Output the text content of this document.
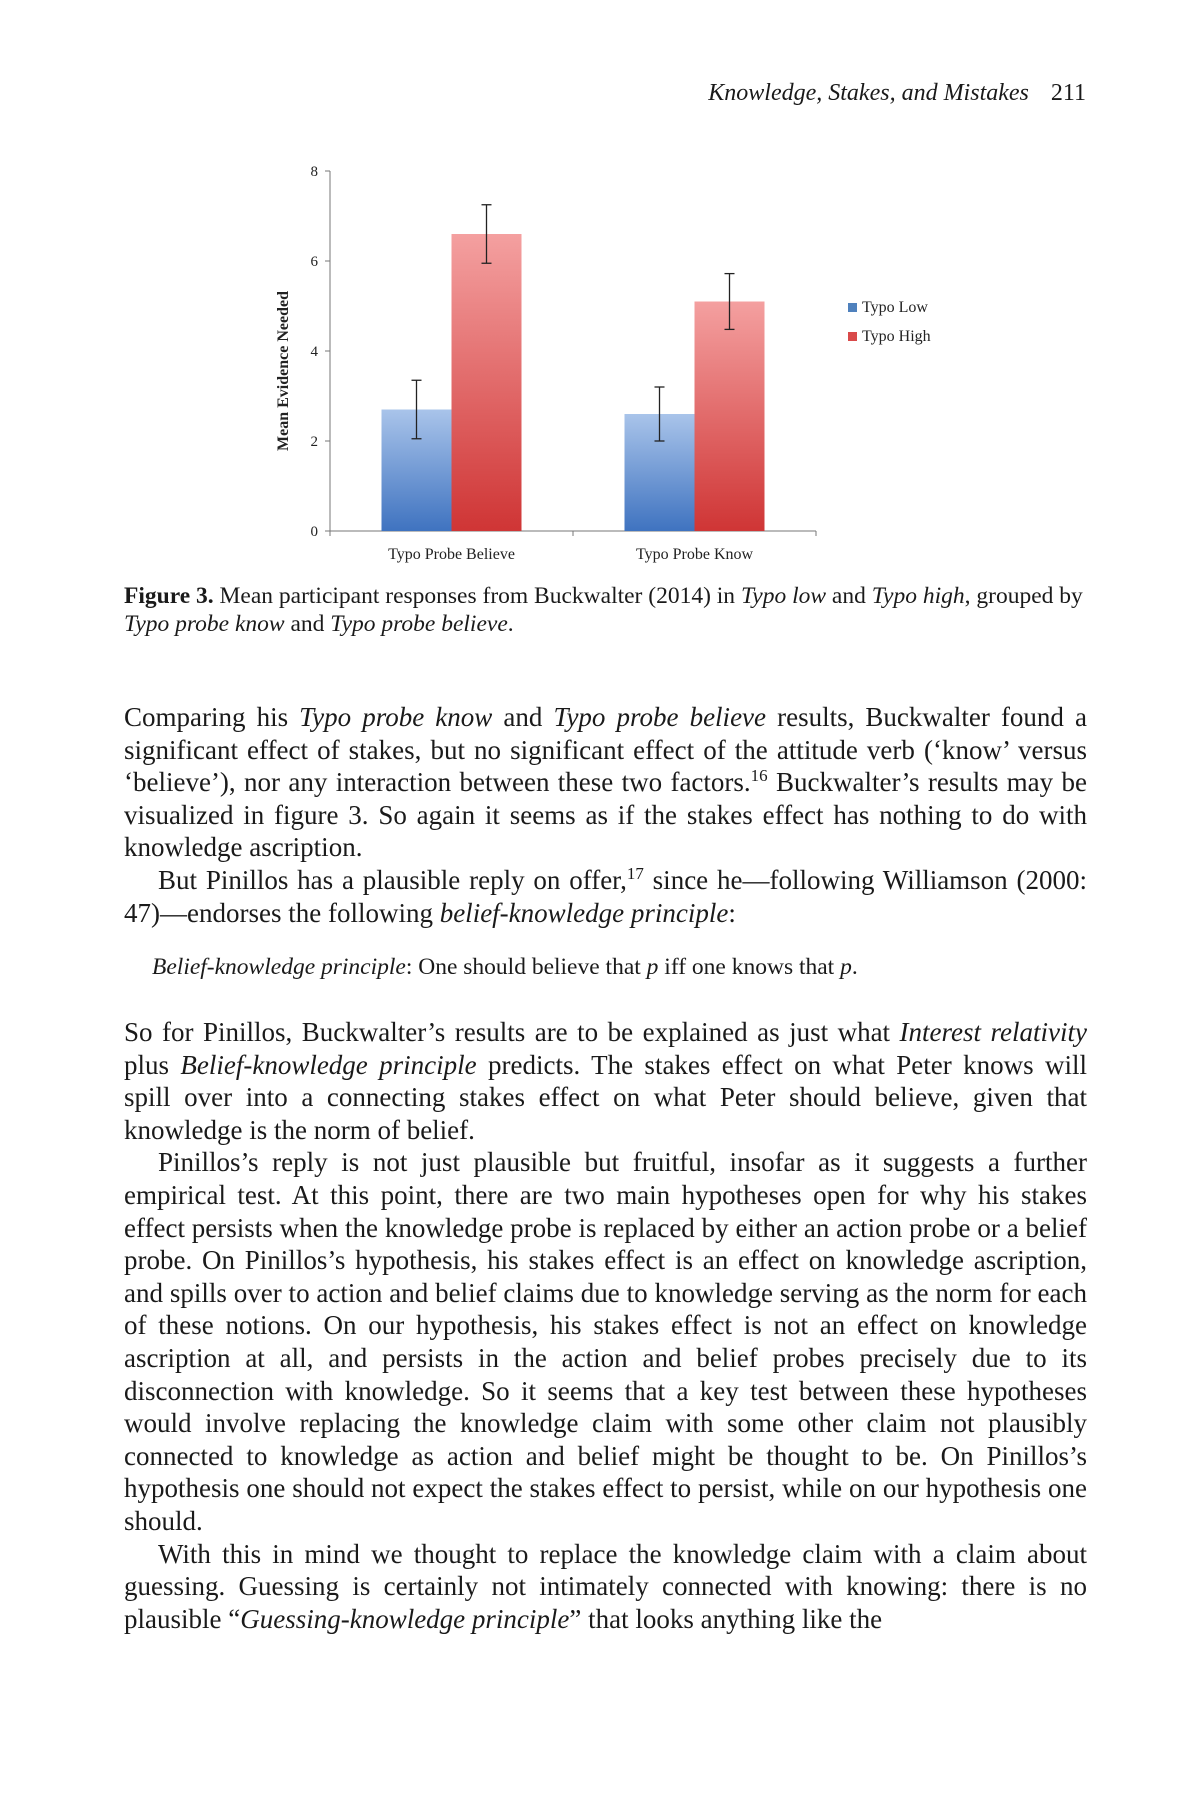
Knowledge, Stakes, and Mistakes 211
0
2
4
6
8
Mean Evidence Needed
Typo Probe Believe	Typo Probe Know
Typo Low
Typo High
Figure 3. Mean participant responses from Buckwalter (2014) in Typo low and Typo high, grouped by Typo probe know and Typo probe believe.

Comparing his Typo probe know and Typo probe believe results, Buckwalter found a significant effect of stakes, but no significant effect of the attitude verb (‘know’ versus ‘believe’), nor any interaction between these two factors.$^{16}$ Buckwalter’s results may be visualized in figure 3. So again it seems as if the stakes effect has nothing to do with knowledge ascription.

But Pinillos has a plausible reply on offer,$^{17}$ since he—following Williamson (2000: 47)—endorses the following belief-knowledge principle:

Belief-knowledge principle: One should believe that p iff one knows that p.

So for Pinillos, Buckwalter’s results are to be explained as just what Interest relativity plus Belief-knowledge principle predicts. The stakes effect on what Peter knows will spill over into a connecting stakes effect on what Peter should believe, given that knowledge is the norm of belief.

Pinillos’s reply is not just plausible but fruitful, insofar as it suggests a further empirical test. At this point, there are two main hypotheses open for why his stakes effect persists when the knowledge probe is replaced by either an action probe or a belief probe. On Pinillos’s hypothesis, his stakes effect is an effect on knowledge ascription, and spills over to action and belief claims due to knowledge serving as the norm for each of these notions. On our hypothesis, his stakes effect is not an effect on knowledge ascription at all, and persists in the action and belief probes precisely due to its disconnection with knowledge. So it seems that a key test between these hypotheses would involve replacing the knowledge claim with some other claim not plausibly connected to knowledge as action and belief might be thought to be. On Pinillos’s hypothesis one should not expect the stakes effect to persist, while on our hypothesis one should.

With this in mind we thought to replace the knowledge claim with a claim about guessing. Guessing is certainly not intimately connected with knowing: there is no plausible “Guessing-knowledge principle” that looks anything like the
